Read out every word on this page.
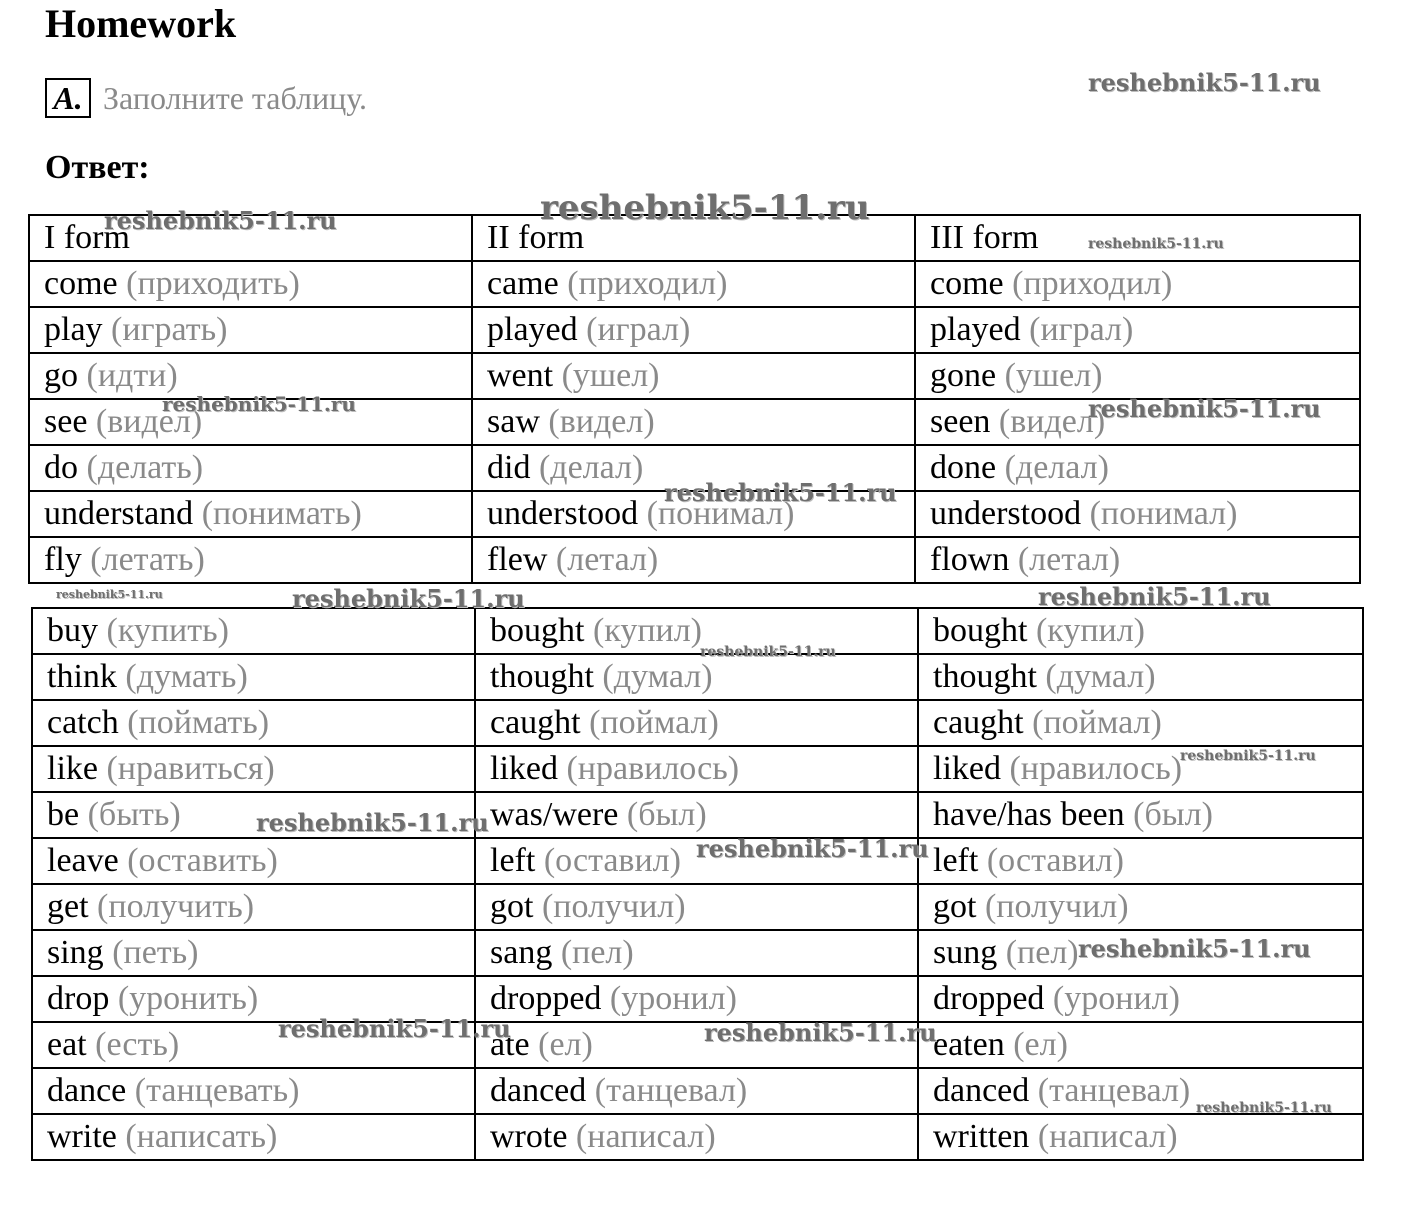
Homework
A. Заполните таблицу.
Ответ:
I form	II form	III form
come (приходить)	came (приходил)	come (приходил)
play (играть)	played (играл)	played (играл)
go (идти)	went (ушел)	gone (ушел)
see (видел)	saw (видел)	seen (видел)
do (делать)	did (делал)	done (делал)
understand (понимать)	understood (понимал)	understood (понимал)
fly (летать)	flew (летал)	flown (летал)
buy (купить)	bought (купил)	bought (купил)
think (думать)	thought (думал)	thought (думал)
catch (поймать)	caught (поймал)	caught (поймал)
like (нравиться)	liked (нравилось)	liked (нравилось)
be (быть)	was/were (был)	have/has been (был)
leave (оставить)	left (оставил)	left (оставил)
get (получить)	got (получил)	got (получил)
sing (петь)	sang (пел)	sung (пел)
drop (уронить)	dropped (уронил)	dropped (уронил)
eat (есть)	ate (ел)	eaten (ел)
dance (танцевать)	danced (танцевал)	danced (танцевал)
write (написать)	wrote (написал)	written (написал)
reshebnik5-11.ru
reshebnik5-11.ru
reshebnik5-11.ru
reshebnik5-11.ru
reshebnik5-11.ru	reshebnik5-11.ru
reshebnik5-11.ru
reshebnik5-11.ru	reshebnik5-11.ru	reshebnik5-11.ru
reshebnik5-11.ru
reshebnik5-11.ru
reshebnik5-11.ru
reshebnik5-11.ru
reshebnik5-11.ru
reshebnik5-11.ru	reshebnik5-11.ru
reshebnik5-11.ru
